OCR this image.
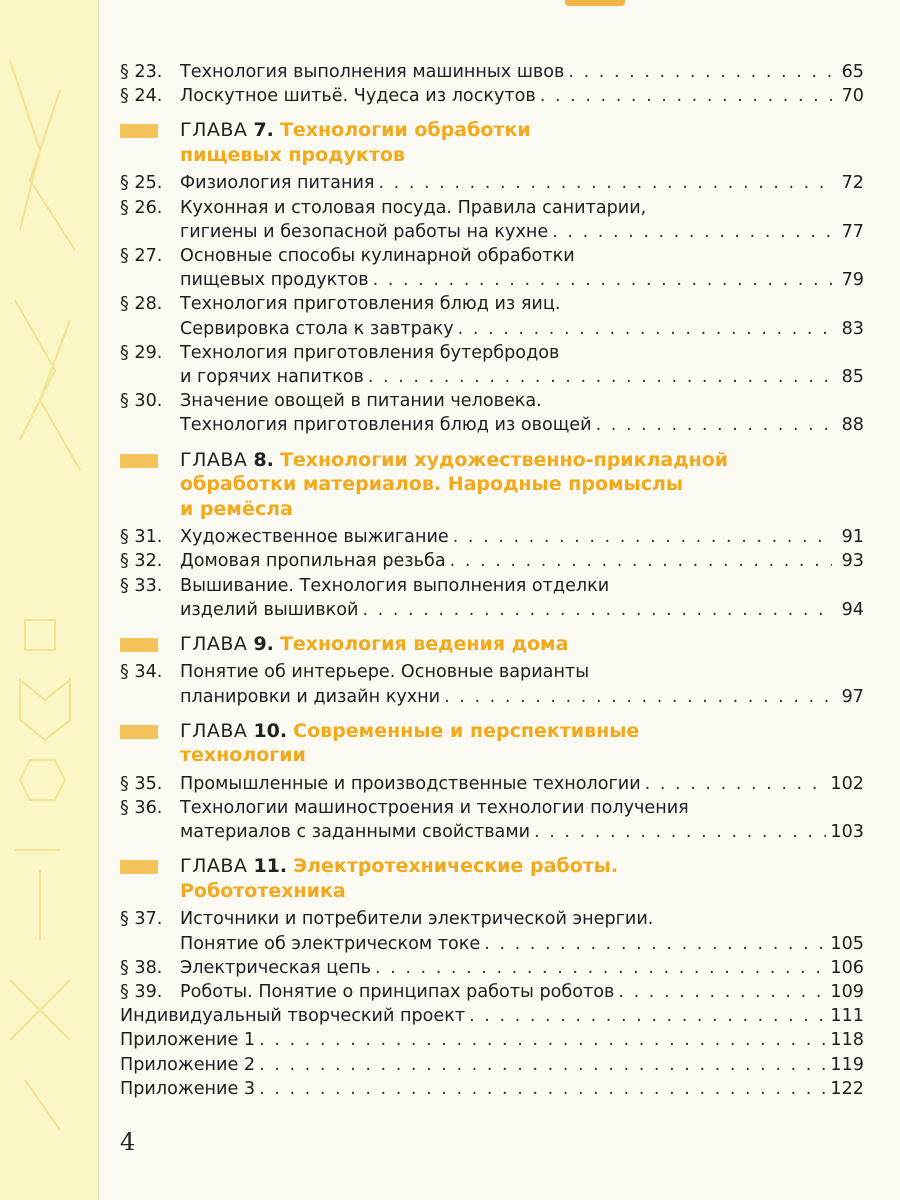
§ 23.	Технология выполнения машинных швов . . .	65
§ 24.	Лоскутное шитьё. Чудеса из лоскутов . . .	70
ГЛАВА 7. Технологии обработки
пищевых продуктов
§ 25.	Физиология питания . . .	72
§ 26.	Кухонная и столовая посуда. Правила санитарии,
гигиены и безопасной работы на кухне . . .	77
§ 27.	Основные способы кулинарной обработки
пищевых продуктов . . .	79
§ 28.	Технология приготовления блюд из яиц.
Сервировка стола к завтраку . . .	83
§ 29.	Технология приготовления бутербродов
и горячих напитков . . .	85
§ 30.	Значение овощей в питании человека.
Технология приготовления блюд из овощей . . .	88
ГЛАВА 8. Технологии художественно-прикладной
обработки материалов. Народные промыслы
и ремёсла
§ 31.	Художественное выжигание . . .	91
§ 32.	Домовая пропильная резьба . . .	93
§ 33.	Вышивание. Технология выполнения отделки
изделий вышивкой . . .	94
ГЛАВА 9. Технология ведения дома
§ 34.	Понятие об интерьере. Основные варианты
планировки и дизайн кухни . . .	97
ГЛАВА 10. Современные и перспективные
технологии
§ 35.	Промышленные и производственные технологии . . .	102
§ 36.	Технологии машиностроения и технологии получения
материалов с заданными свойствами . . .	103
ГЛАВА 11. Электротехнические работы.
Робототехника
§ 37.	Источники и потребители электрической энергии.
Понятие об электрическом токе . . .	105
§ 38.	Электрическая цепь . . .	106
§ 39.	Роботы. Понятие о принципах работы роботов . . .	109
Индивидуальный творческий проект . . .	111
Приложение 1 . . .	118
Приложение 2 . . .	119
Приложение 3 . . .	122
4
